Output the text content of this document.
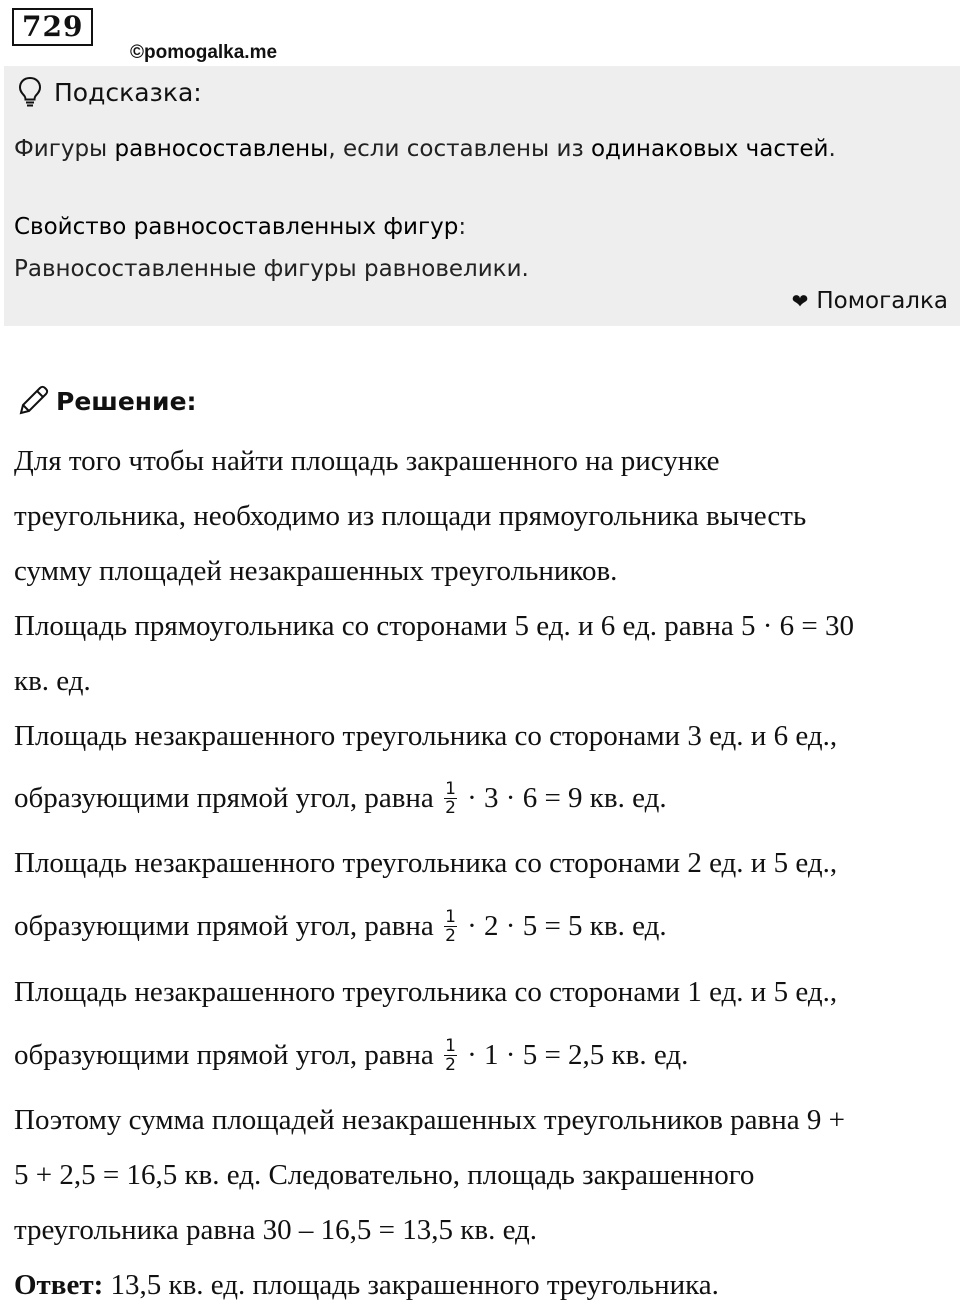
729
©pomogalka.me
Подсказка:
Фигуры равносоставлены, если составлены из одинаковых частей.
Свойство равносоставленных фигур:
Равносоставленные фигуры равновелики.
❤ Помогалка
Решение:
Для того чтобы найти площадь закрашенного на рисунке
треугольника, необходимо из площади прямоугольника вычесть
сумму площадей незакрашенных треугольников.
Площадь прямоугольника со сторонами 5 ед. и 6 ед. равна 5 · 6 = 30
кв. ед.
Площадь незакрашенного треугольника со сторонами 3 ед. и 6 ед.,
образующими прямой угол, равна $\frac{1}{2} \cdot 3 \cdot 6 = 9$ кв. ед.
Площадь незакрашенного треугольника со сторонами 2 ед. и 5 ед.,
образующими прямой угол, равна $\frac{1}{2} \cdot 2 \cdot 5 = 5$ кв. ед.
Площадь незакрашенного треугольника со сторонами 1 ед. и 5 ед.,
образующими прямой угол, равна $\frac{1}{2} \cdot 1 \cdot 5 = 2,5$ кв. ед.
Поэтому сумма площадей незакрашенных треугольников равна 9 +
5 + 2,5 = 16,5 кв. ед. Следовательно, площадь закрашенного
треугольника равна 30 – 16,5 = 13,5 кв. ед.
Ответ: 13,5 кв. ед. площадь закрашенного треугольника.
